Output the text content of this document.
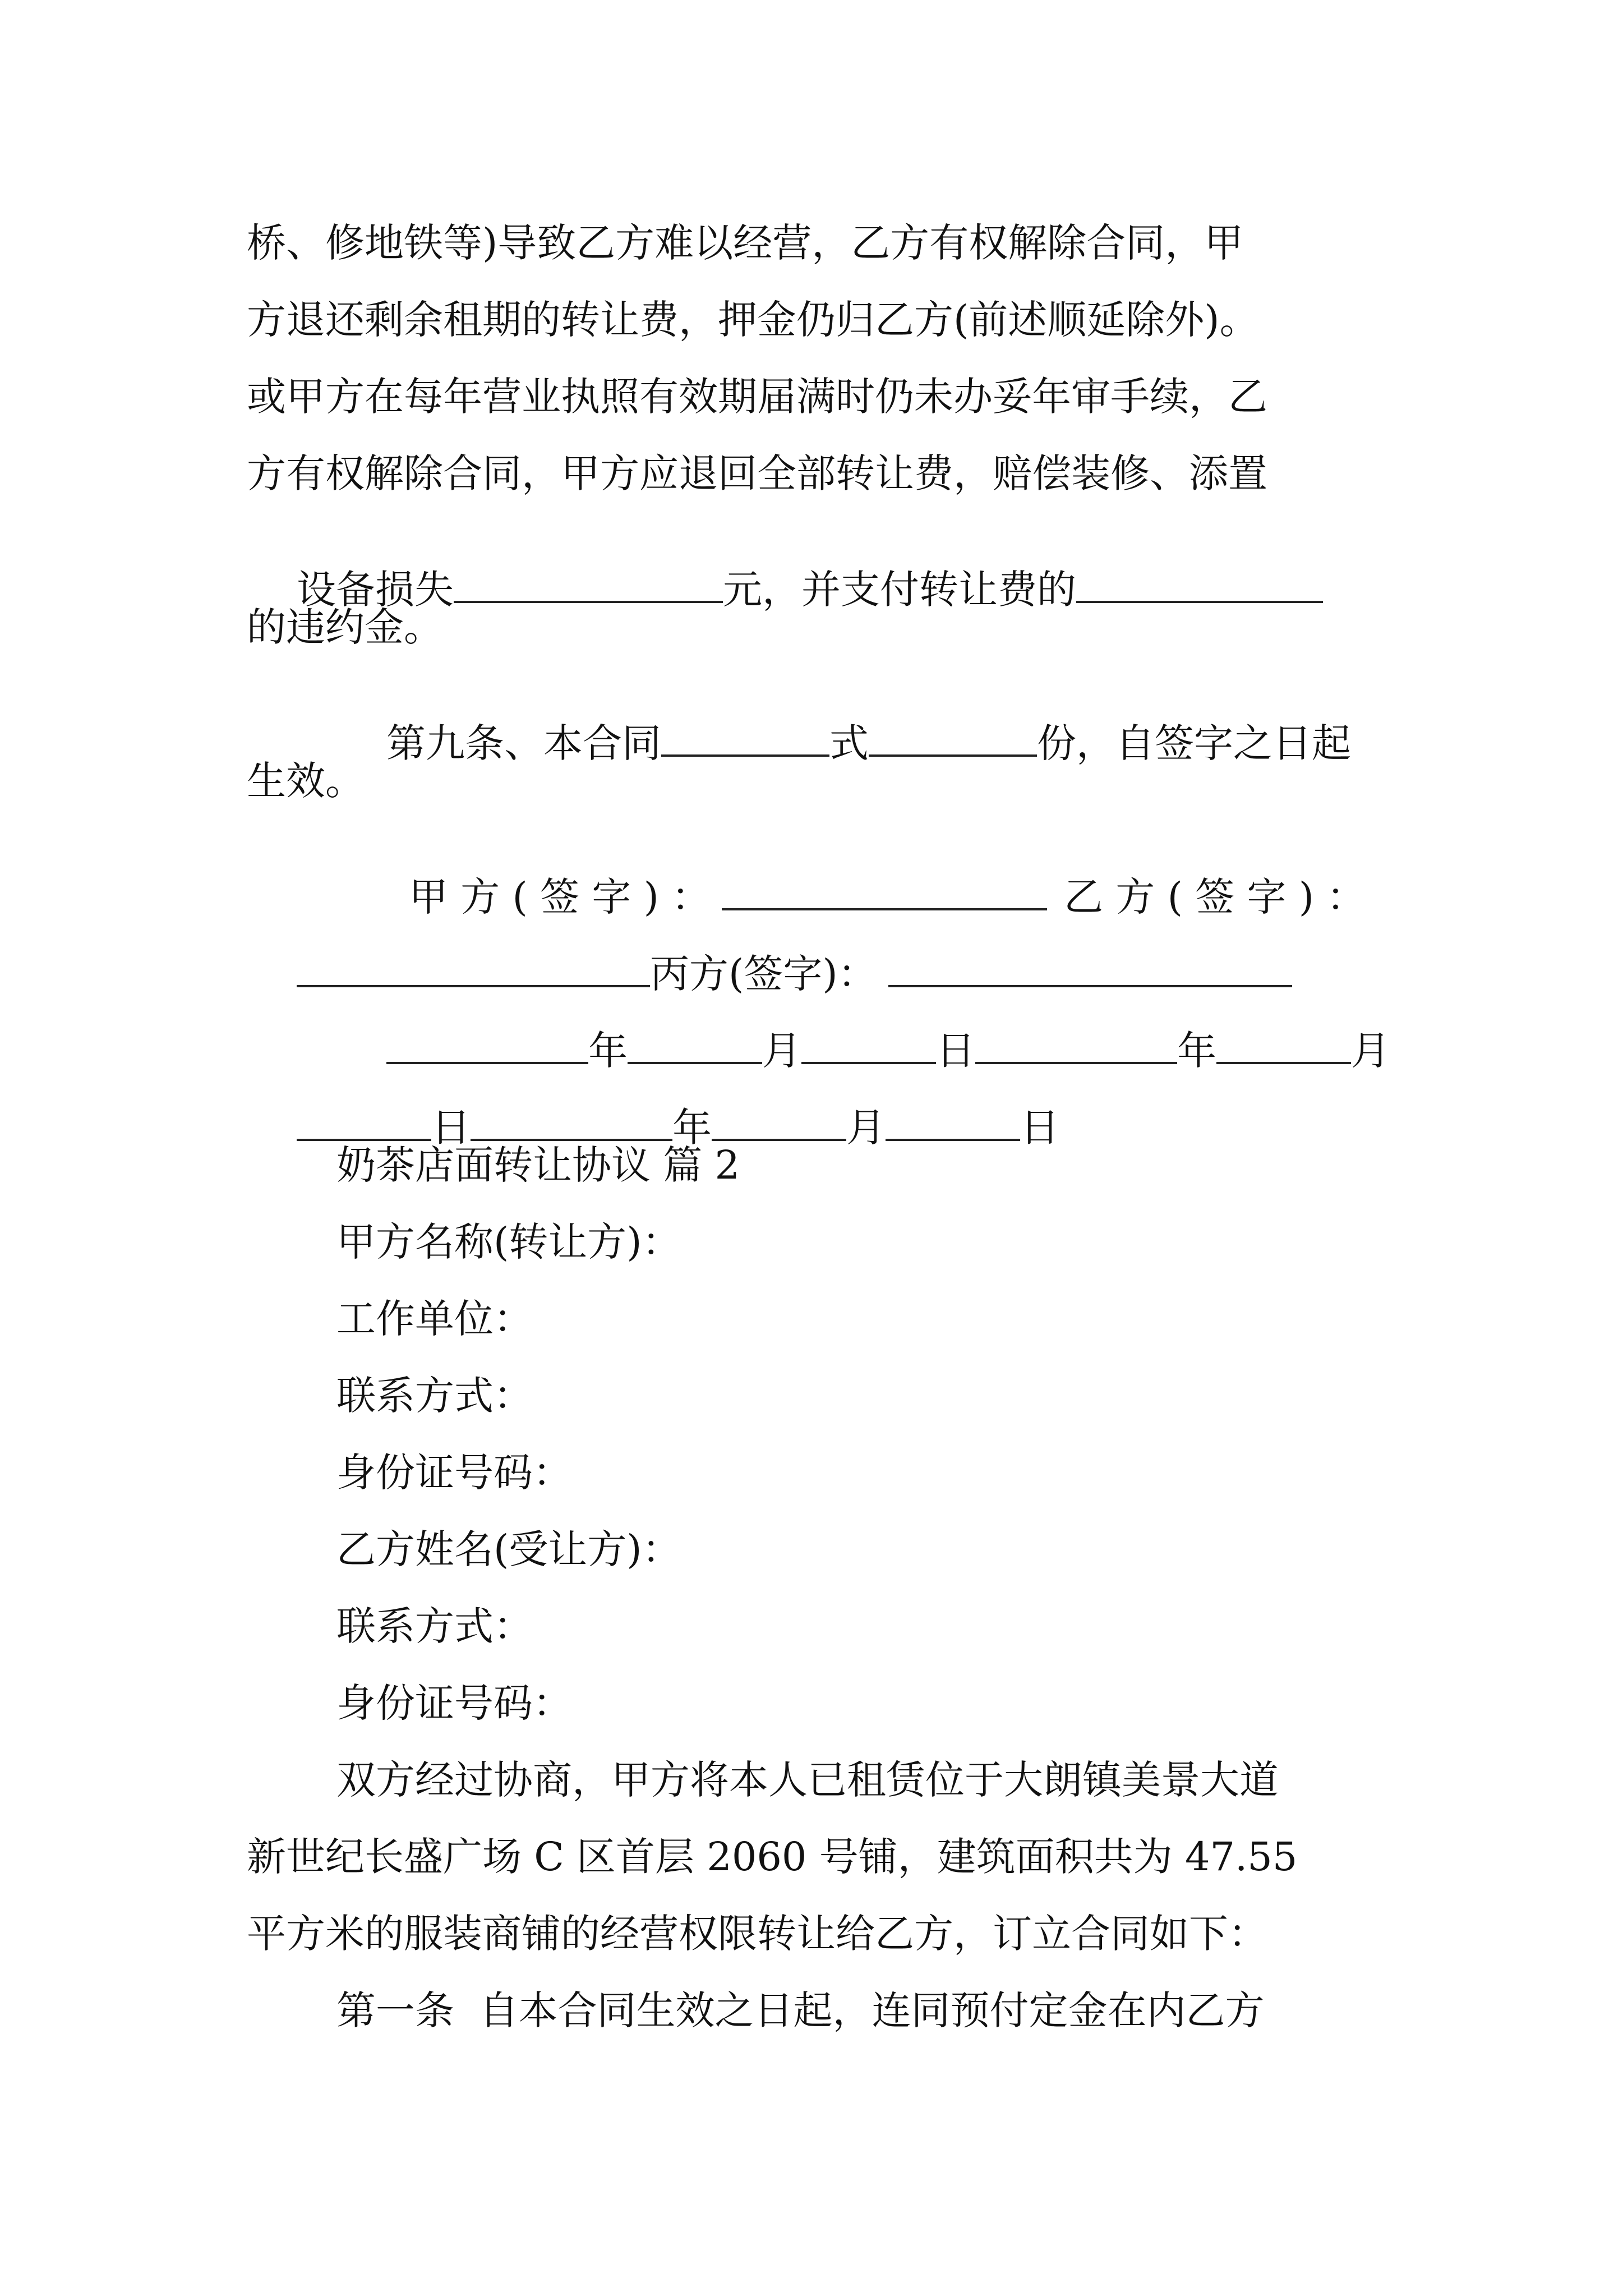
桥、修地铁等)导致乙方难以经营，乙方有权解除合同，甲
方退还剩余租期的转让费，押金仍归乙方(前述顺延除外)。
或甲方在每年营业执照有效期届满时仍未办妥年审手续，乙
方有权解除合同，甲方应退回全部转让费，赔偿装修、添置

设备损失	元，并支付转让费的

的违约金。

第九条、本合同	式	份，自签字之日起

生效。

甲 方 ( 签 字 ) ：	乙 方 ( 签 字 ) ：

丙方(签字)：

年	月	日	年	月

日	年	月	日

奶茶店面转让协议 篇 2
甲方名称(转让方)：
工作单位：
联系方式：
身份证号码：
乙方姓名(受让方)：
联系方式：
身份证号码：
双方经过协商，甲方将本人已租赁位于大朗镇美景大道
新世纪长盛广场 C 区首层 2060 号铺，建筑面积共为 47.55
平方米的服装商铺的经营权限转让给乙方，订立合同如下：
第一条  自本合同生效之日起，连同预付定金在内乙方
